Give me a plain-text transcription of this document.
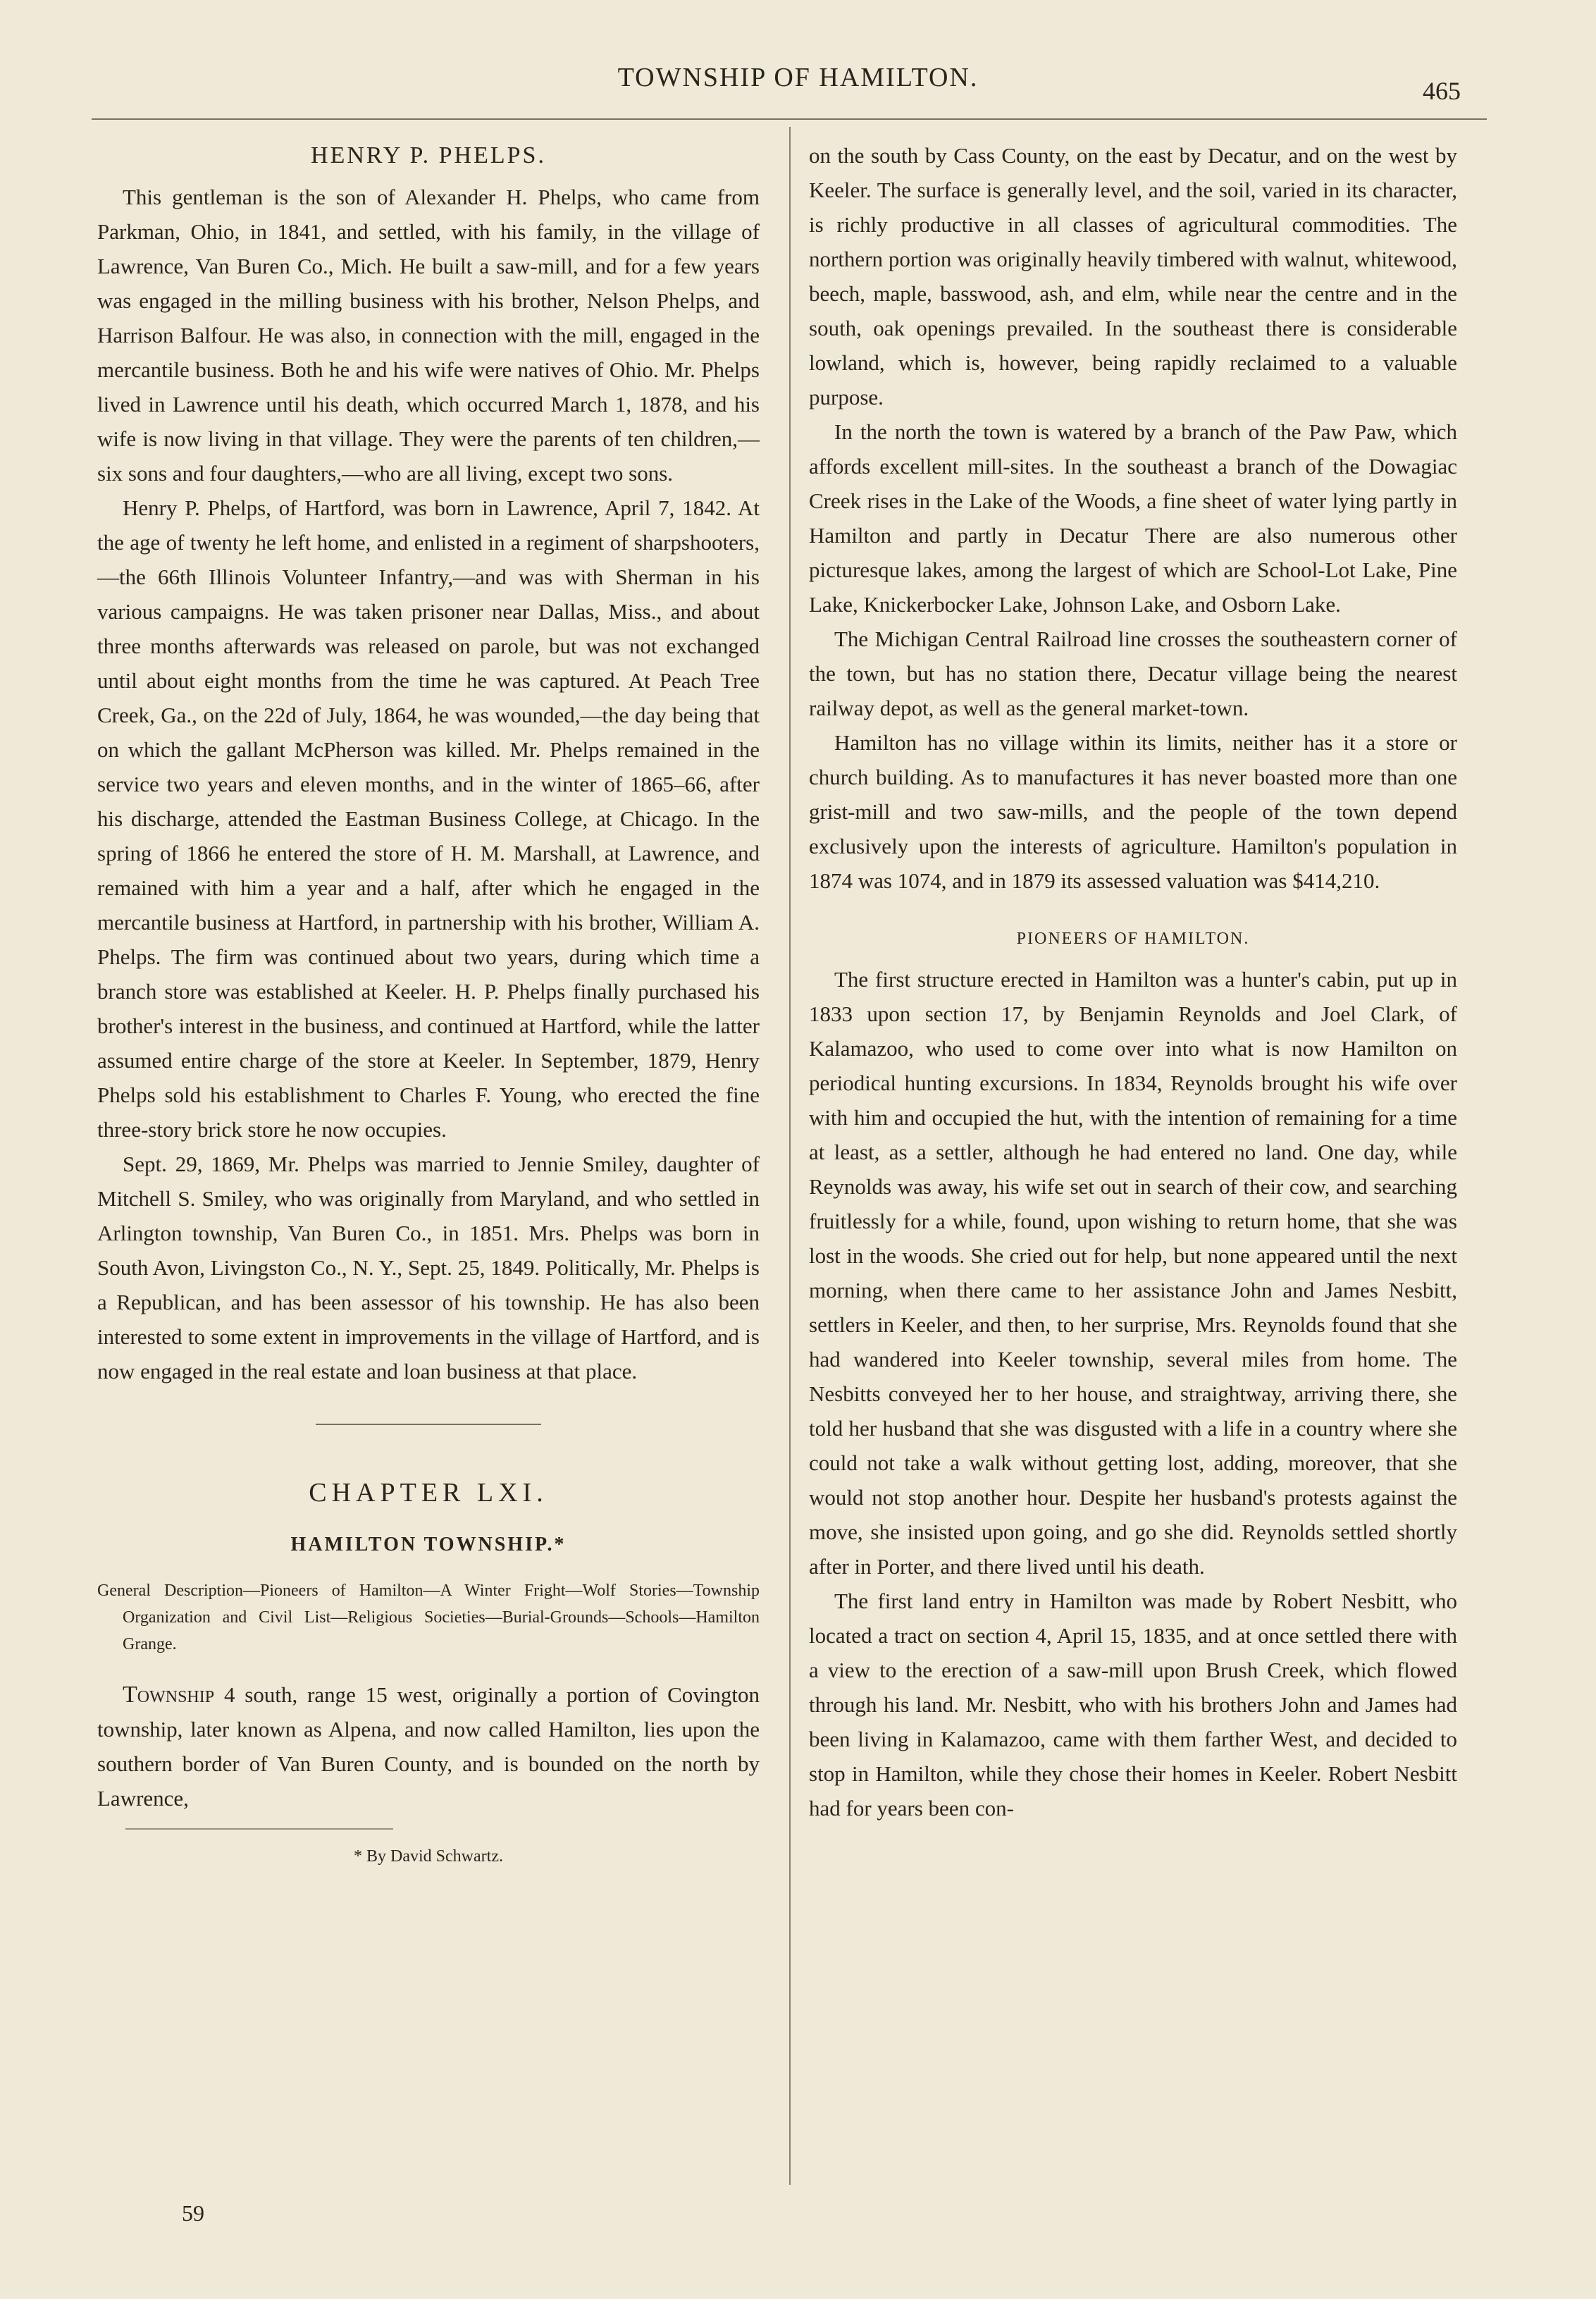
TOWNSHIP OF HAMILTON.	465
HENRY P. PHELPS.

This gentleman is the son of Alexander H. Phelps, who came from Parkman, Ohio, in 1841, and settled, with his family, in the village of Lawrence, Van Buren Co., Mich. He built a saw-mill, and for a few years was engaged in the milling business with his brother, Nelson Phelps, and Harrison Balfour. He was also, in connection with the mill, engaged in the mercantile business. Both he and his wife were natives of Ohio. Mr. Phelps lived in Lawrence until his death, which occurred March 1, 1878, and his wife is now living in that village. They were the parents of ten children,—six sons and four daughters,—who are all living, except two sons.

Henry P. Phelps, of Hartford, was born in Lawrence, April 7, 1842. At the age of twenty he left home, and enlisted in a regiment of sharpshooters,—the 66th Illinois Volunteer Infantry,—and was with Sherman in his various campaigns. He was taken prisoner near Dallas, Miss., and about three months afterwards was released on parole, but was not exchanged until about eight months from the time he was captured. At Peach Tree Creek, Ga., on the 22d of July, 1864, he was wounded,—the day being that on which the gallant McPherson was killed. Mr. Phelps remained in the service two years and eleven months, and in the winter of 1865–66, after his discharge, attended the Eastman Business College, at Chicago. In the spring of 1866 he entered the store of H. M. Marshall, at Lawrence, and remained with him a year and a half, after which he engaged in the mercantile business at Hartford, in partnership with his brother, William A. Phelps. The firm was continued about two years, during which time a branch store was established at Keeler. H. P. Phelps finally purchased his brother's interest in the business, and continued at Hartford, while the latter assumed entire charge of the store at Keeler. In September, 1879, Henry Phelps sold his establishment to Charles F. Young, who erected the fine three-story brick store he now occupies.

Sept. 29, 1869, Mr. Phelps was married to Jennie Smiley, daughter of Mitchell S. Smiley, who was originally from Maryland, and who settled in Arlington township, Van Buren Co., in 1851. Mrs. Phelps was born in South Avon, Livingston Co., N. Y., Sept. 25, 1849. Politically, Mr. Phelps is a Republican, and has been assessor of his township. He has also been interested to some extent in improvements in the village of Hartford, and is now engaged in the real estate and loan business at that place.

CHAPTER LXI.
HAMILTON TOWNSHIP.*
General Description—Pioneers of Hamilton—A Winter Fright—Wolf Stories—Township Organization and Civil List—Religious Societies—Burial-Grounds—Schools—Hamilton Grange.

Township 4 south, range 15 west, originally a portion of Covington township, later known as Alpena, and now called Hamilton, lies upon the southern border of Van Buren County, and is bounded on the north by Lawrence,

* By David Schwartz.

59

on the south by Cass County, on the east by Decatur, and on the west by Keeler. The surface is generally level, and the soil, varied in its character, is richly productive in all classes of agricultural commodities. The northern portion was originally heavily timbered with walnut, whitewood, beech, maple, basswood, ash, and elm, while near the centre and in the south, oak openings prevailed. In the southeast there is considerable lowland, which is, however, being rapidly reclaimed to a valuable purpose.

In the north the town is watered by a branch of the Paw Paw, which affords excellent mill-sites. In the southeast a branch of the Dowagiac Creek rises in the Lake of the Woods, a fine sheet of water lying partly in Hamilton and partly in Decatur There are also numerous other picturesque lakes, among the largest of which are School-Lot Lake, Pine Lake, Knickerbocker Lake, Johnson Lake, and Osborn Lake.

The Michigan Central Railroad line crosses the southeastern corner of the town, but has no station there, Decatur village being the nearest railway depot, as well as the general market-town.

Hamilton has no village within its limits, neither has it a store or church building. As to manufactures it has never boasted more than one grist-mill and two saw-mills, and the people of the town depend exclusively upon the interests of agriculture. Hamilton's population in 1874 was 1074, and in 1879 its assessed valuation was $414,210.

PIONEERS OF HAMILTON.

The first structure erected in Hamilton was a hunter's cabin, put up in 1833 upon section 17, by Benjamin Reynolds and Joel Clark, of Kalamazoo, who used to come over into what is now Hamilton on periodical hunting excursions. In 1834, Reynolds brought his wife over with him and occupied the hut, with the intention of remaining for a time at least, as a settler, although he had entered no land. One day, while Reynolds was away, his wife set out in search of their cow, and searching fruitlessly for a while, found, upon wishing to return home, that she was lost in the woods. She cried out for help, but none appeared until the next morning, when there came to her assistance John and James Nesbitt, settlers in Keeler, and then, to her surprise, Mrs. Reynolds found that she had wandered into Keeler township, several miles from home. The Nesbitts conveyed her to her house, and straightway, arriving there, she told her husband that she was disgusted with a life in a country where she could not take a walk without getting lost, adding, moreover, that she would not stop another hour. Despite her husband's protests against the move, she insisted upon going, and go she did. Reynolds settled shortly after in Porter, and there lived until his death.

The first land entry in Hamilton was made by Robert Nesbitt, who located a tract on section 4, April 15, 1835, and at once settled there with a view to the erection of a saw-mill upon Brush Creek, which flowed through his land. Mr. Nesbitt, who with his brothers John and James had been living in Kalamazoo, came with them farther West, and decided to stop in Hamilton, while they chose their homes in Keeler. Robert Nesbitt had for years been con-
